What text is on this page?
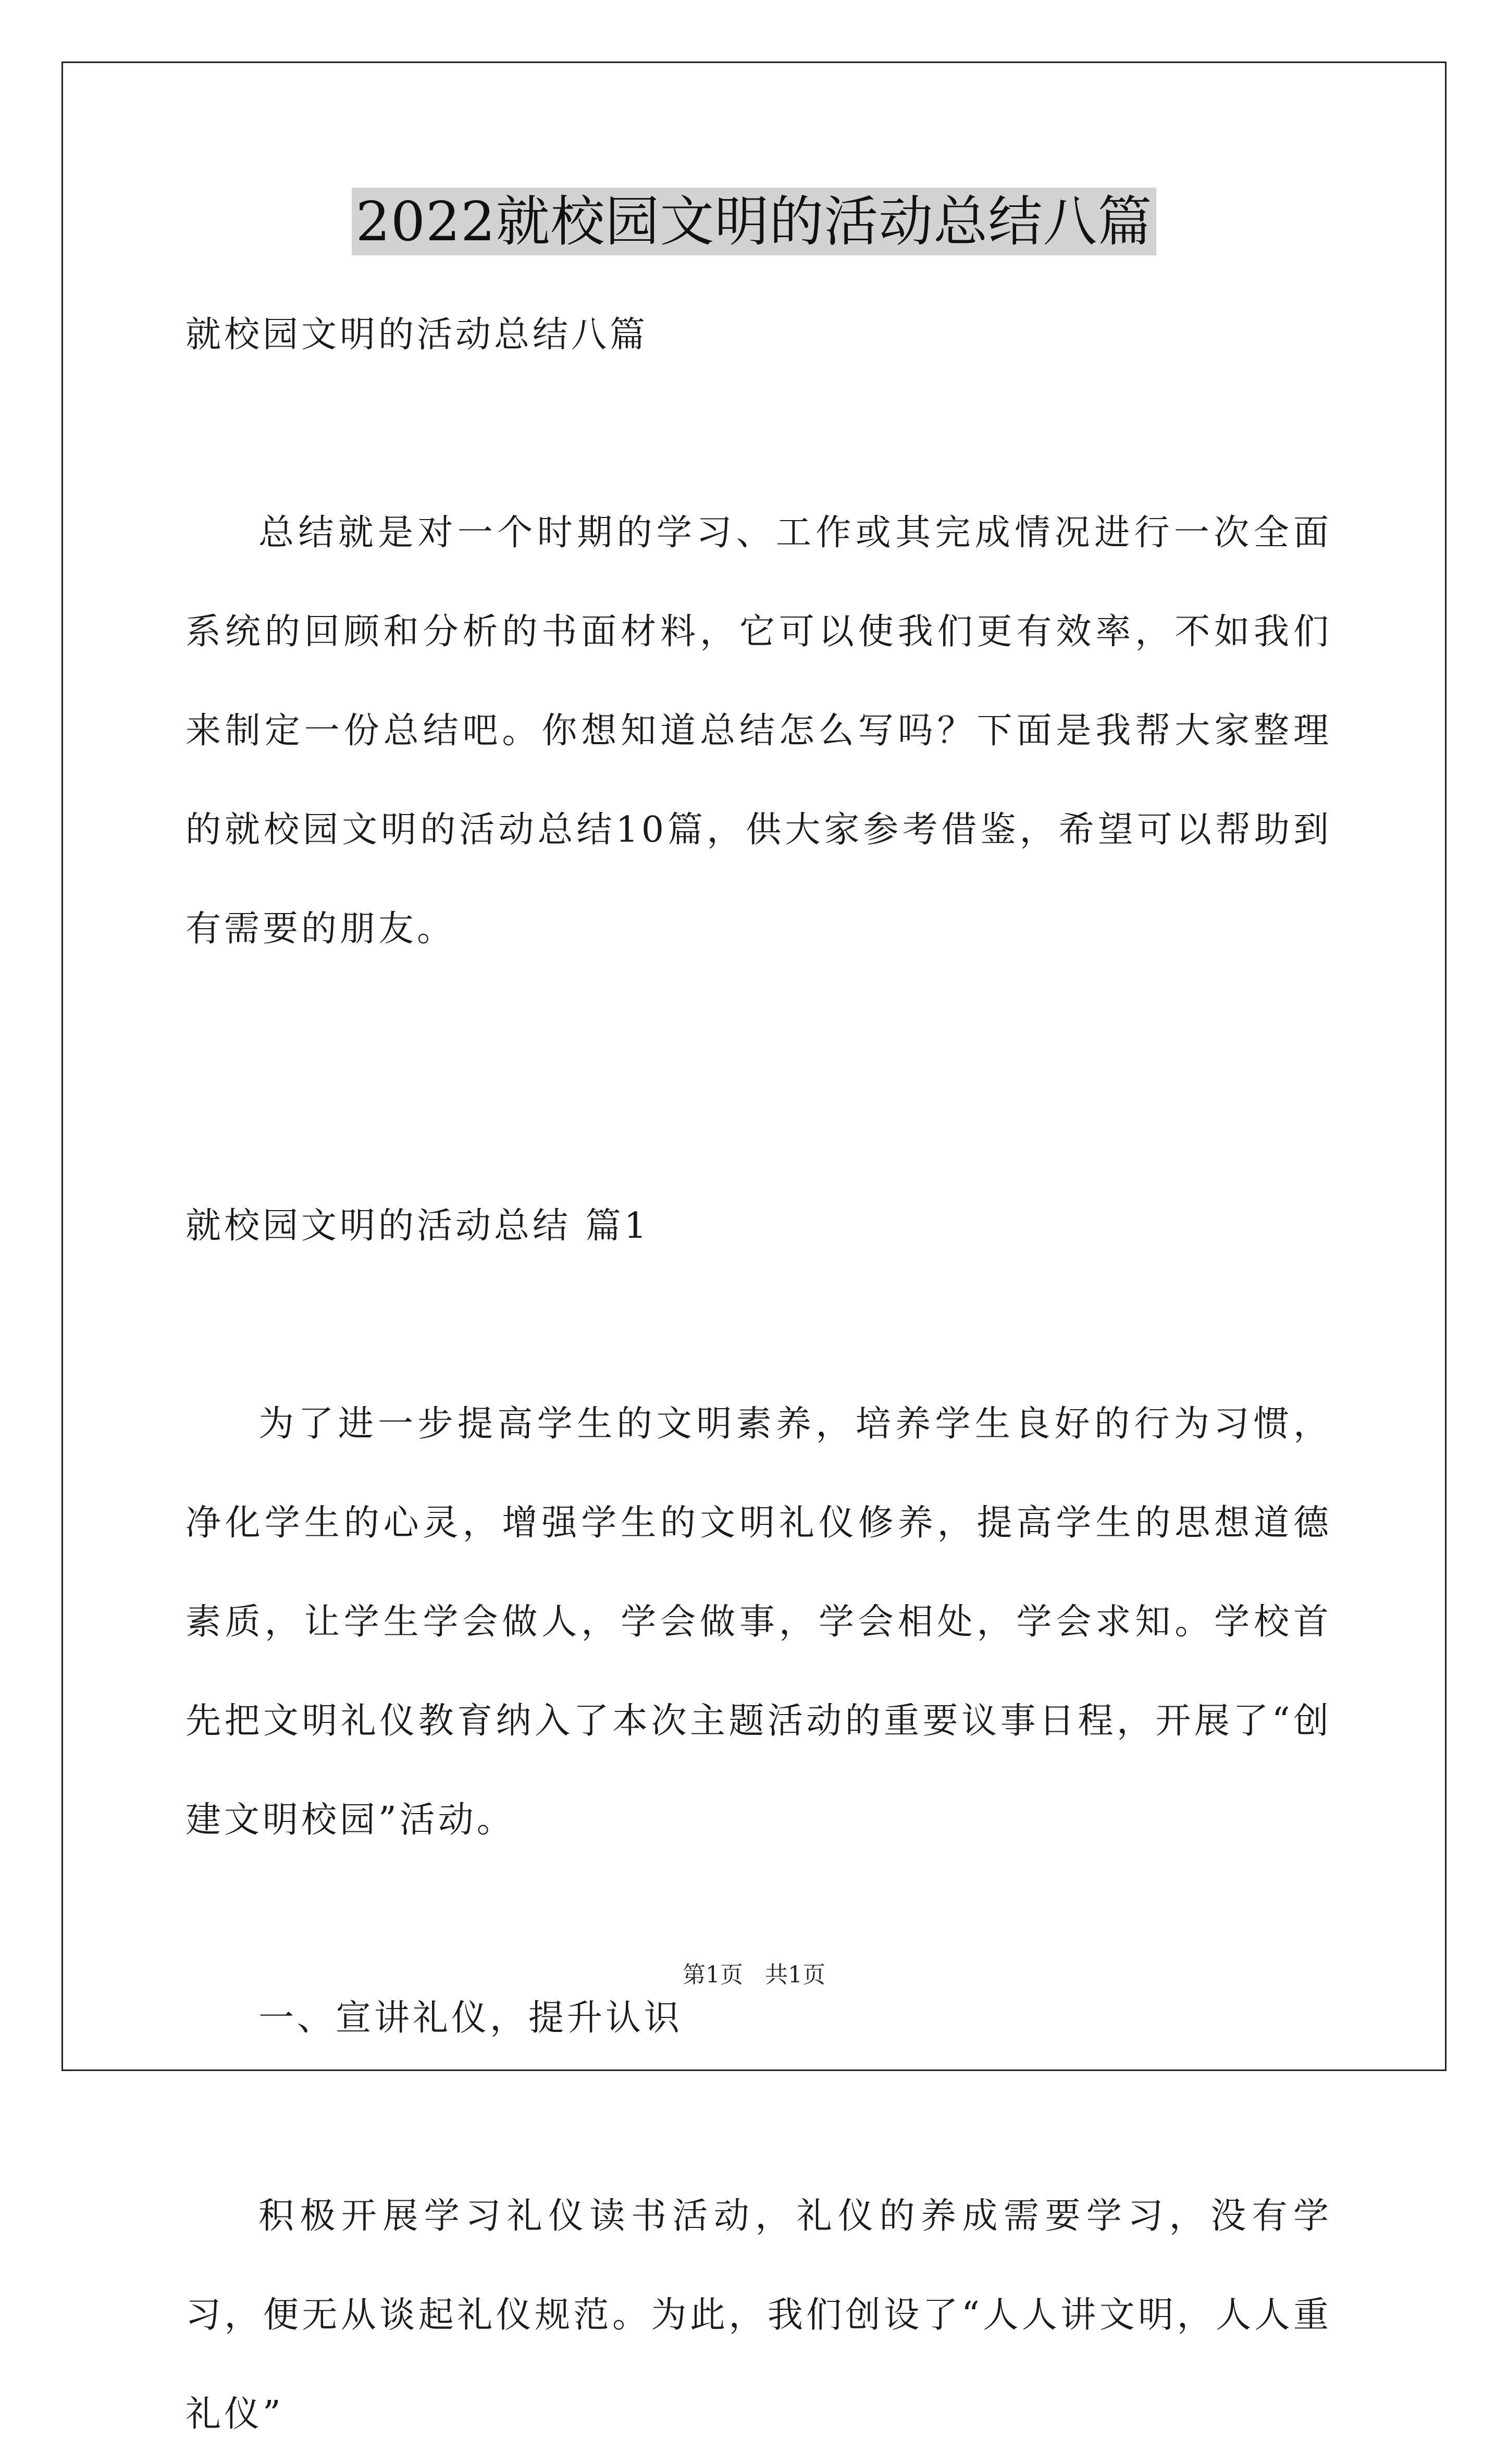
2022就校园文明的活动总结八篇

就校园文明的活动总结八篇

总结就是对一个时期的学习、工作或其完成情况进行一次全面系统的回顾和分析的书面材料，它可以使我们更有效率，不如我们来制定一份总结吧。你想知道总结怎么写吗？下面是我帮大家整理的就校园文明的活动总结10篇，供大家参考借鉴，希望可以帮助到有需要的朋友。

就校园文明的活动总结 篇1

为了进一步提高学生的文明素养，培养学生良好的行为习惯，净化学生的心灵，增强学生的文明礼仪修养，提高学生的思想道德素质，让学生学会做人，学会做事，学会相处，学会求知。学校首先把文明礼仪教育纳入了本次主题活动的重要议事日程，开展了“创建文明校园”活动。

一、宣讲礼仪，提升认识

积极开展学习礼仪读书活动，礼仪的养成需要学习，没有学习，便无从谈起礼仪规范。为此，我们创设了“人人讲文明，人人重礼仪”

第1页   共1页
